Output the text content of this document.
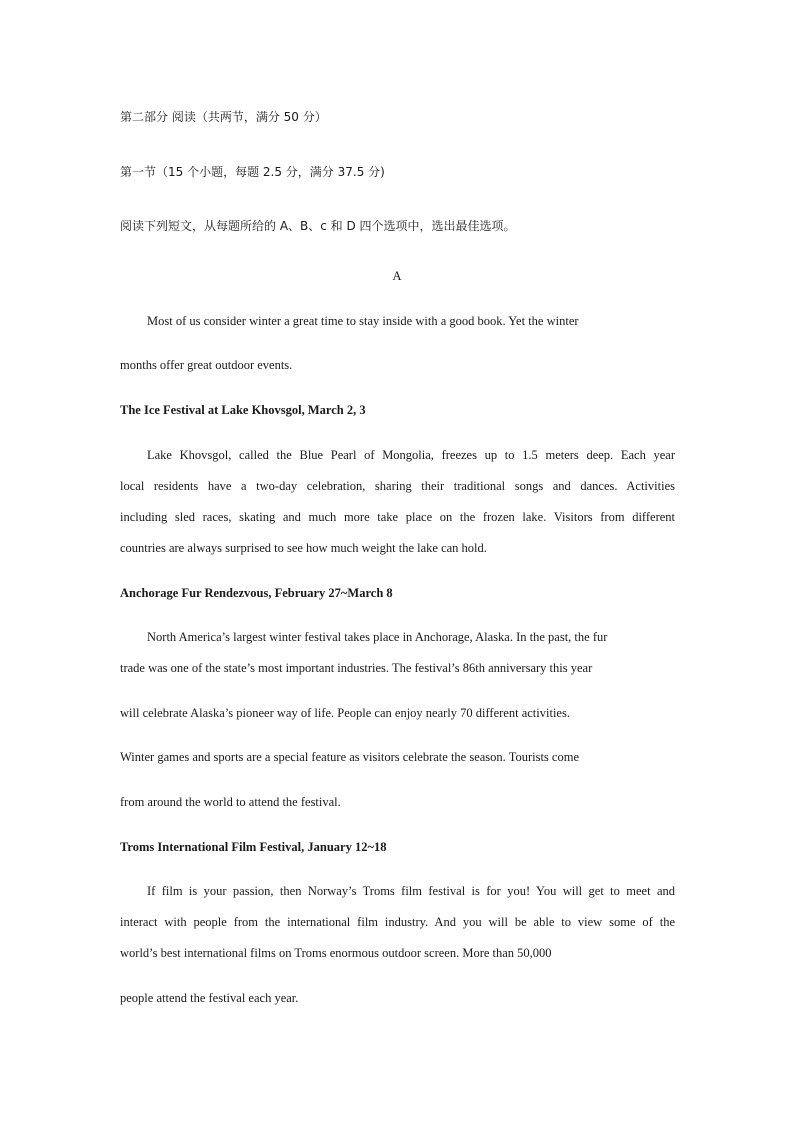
第二部分 阅读（共两节，满分 50 分）
第一节（15 个小题，每题 2.5 分，满分 37.5 分)
阅读下列短文，从每题所给的 A、B、c 和 D 四个选项中，选出最佳选项。
A
Most of us consider winter a great time to stay inside with a good book. Yet the winter
months offer great outdoor events.
The Ice Festival at Lake Khovsgol, March 2, 3
Lake Khovsgol, called the Blue Pearl of Mongolia, freezes up to 1.5 meters deep. Each year
local residents have a two-day celebration, sharing their traditional songs and dances. Activities
including sled races, skating and much more take place on the frozen lake. Visitors from different
countries are always surprised to see how much weight the lake can hold.
Anchorage Fur Rendezvous, February 27~March 8
North America’s largest winter festival takes place in Anchorage, Alaska. In the past, the fur
trade was one of the state’s most important industries. The festival’s 86th anniversary this year
will celebrate Alaska’s pioneer way of life. People can enjoy nearly 70 different activities.
Winter games and sports are a special feature as visitors celebrate the season. Tourists come
from around the world to attend the festival.
Troms International Film Festival, January 12~18
If film is your passion, then Norway’s Troms film festival is for you! You will get to meet and
interact with people from the international film industry. And you will be able to view some of the
world’s best international films on Troms enormous outdoor screen. More than 50,000
people attend the festival each year.
